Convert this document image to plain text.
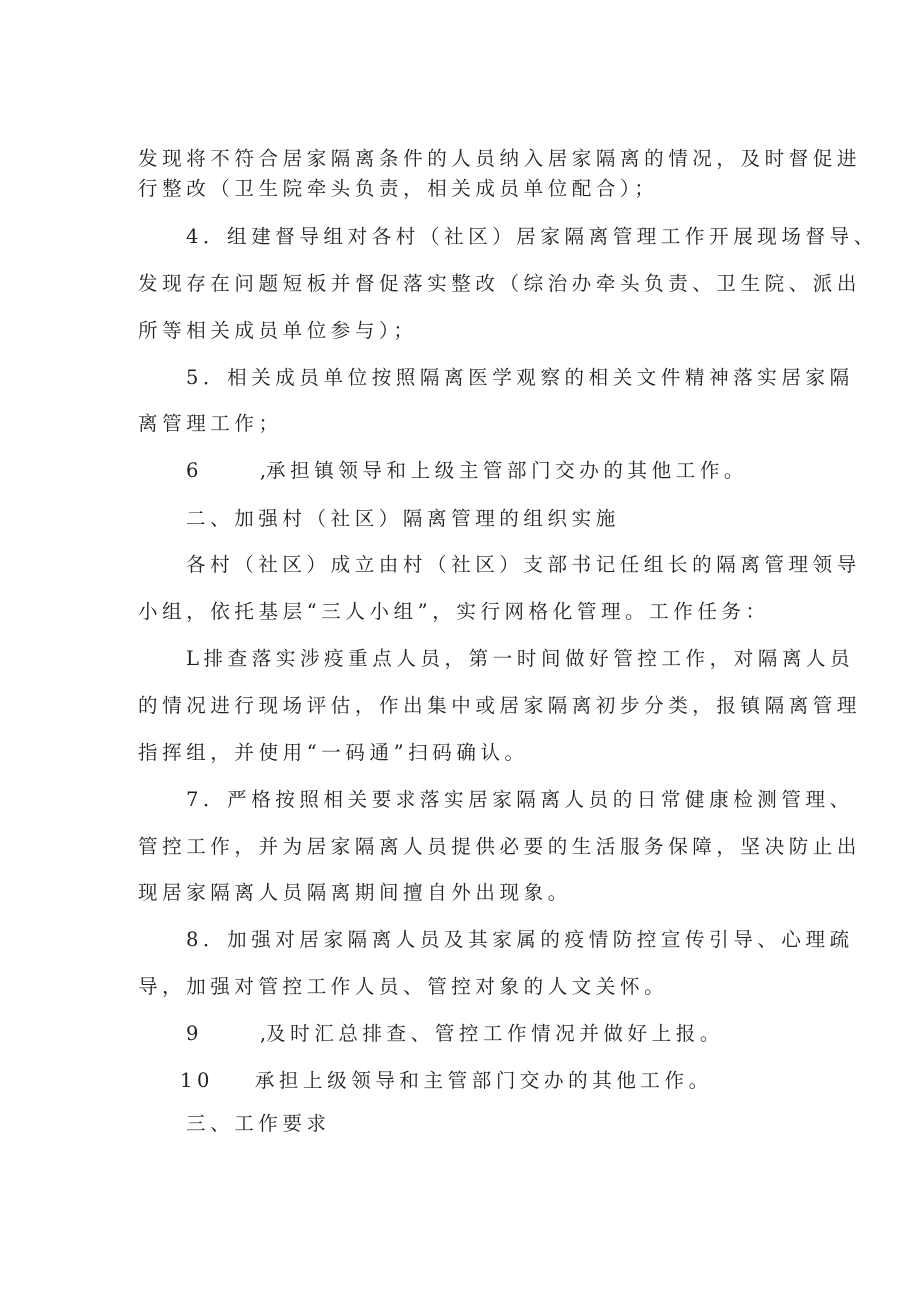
发现将不符合居家隔离条件的人员纳入居家隔离的情况，及时督促进
行整改（卫生院牵头负责，相关成员单位配合）；
4．组建督导组对各村（社区）居家隔离管理工作开展现场督导、
发现存在问题短板并督促落实整改（综治办牵头负责、卫生院、派出
所等相关成员单位参与）；
5．相关成员单位按照隔离医学观察的相关文件精神落实居家隔
离管理工作；
6	,承担镇领导和上级主管部门交办的其他工作。
二、加强村（社区）隔离管理的组织实施
各村（社区）成立由村（社区）支部书记任组长的隔离管理领导
小组，依托基层“三人小组”，实行网格化管理。工作任务：
L排查落实涉疫重点人员，第一时间做好管控工作，对隔离人员
的情况进行现场评估，作出集中或居家隔离初步分类，报镇隔离管理
指挥组，并使用“一码通”扫码确认。
7．严格按照相关要求落实居家隔离人员的日常健康检测管理、
管控工作，并为居家隔离人员提供必要的生活服务保障，坚决防止出
现居家隔离人员隔离期间擅自外出现象。
8．加强对居家隔离人员及其家属的疫情防控宣传引导、心理疏
导，加强对管控工作人员、管控对象的人文关怀。
9	,及时汇总排查、管控工作情况并做好上报。
10 承担上级领导和主管部门交办的其他工作。
三、工作要求
